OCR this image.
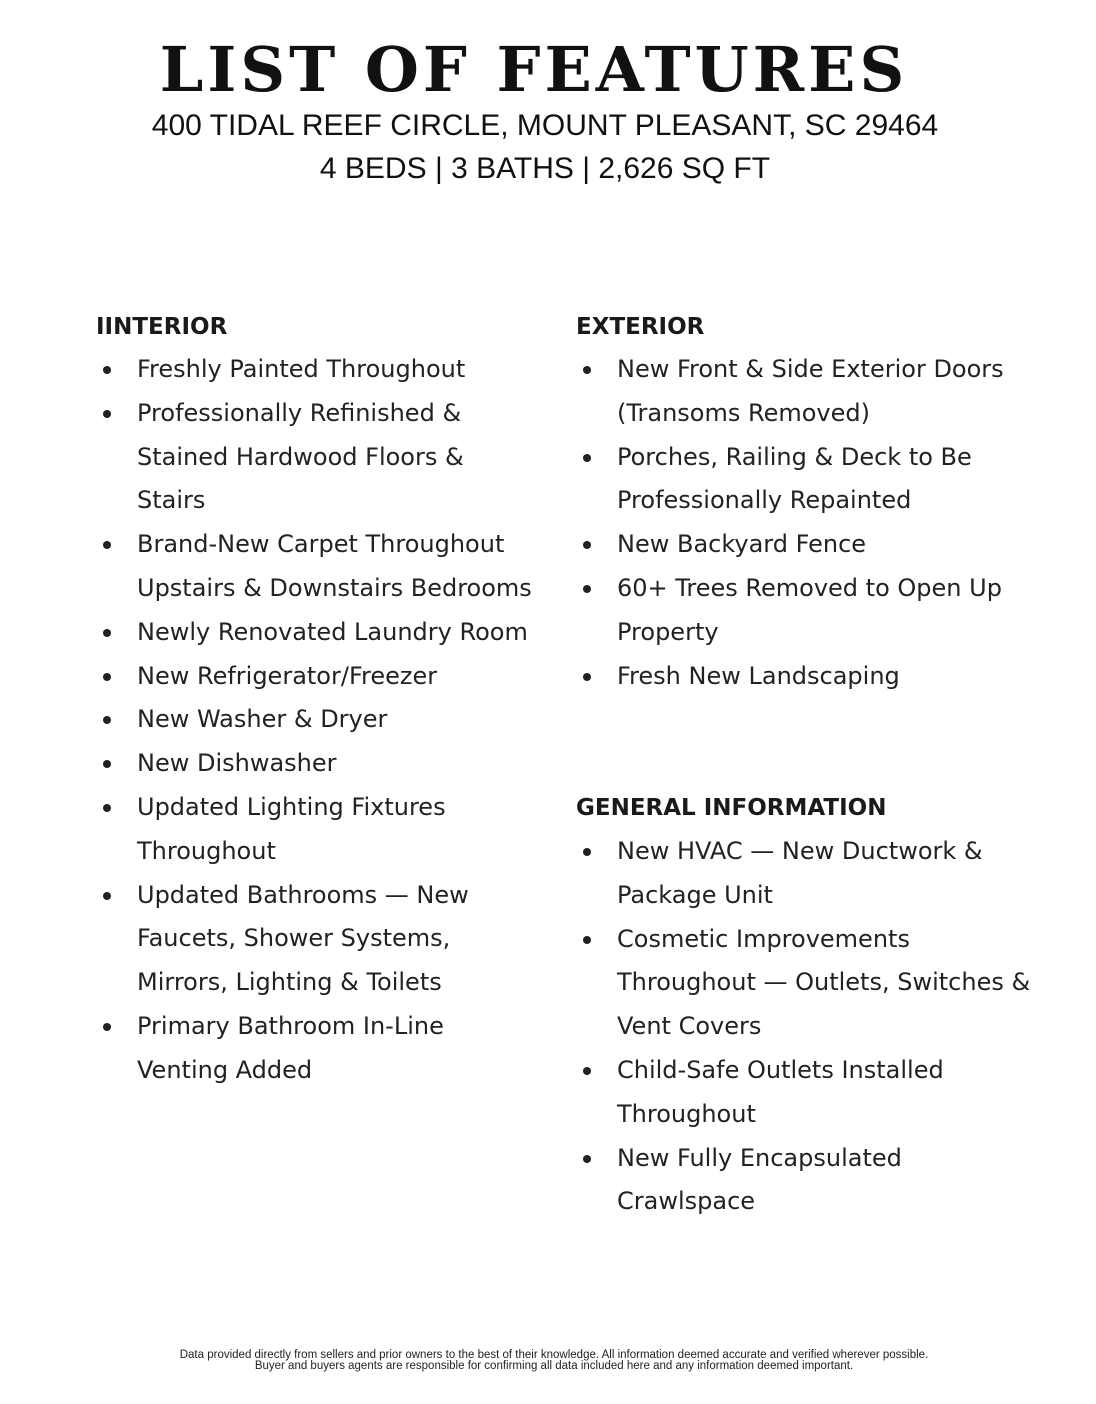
LIST OF FEATURES
400 TIDAL REEF CIRCLE, MOUNT PLEASANT, SC 29464
4 BEDS | 3 BATHS | 2,626 SQ FT
IINTERIOR
Freshly Painted Throughout
Professionally Refinished & Stained Hardwood Floors & Stairs
Brand-New Carpet Throughout Upstairs & Downstairs Bedrooms
Newly Renovated Laundry Room
New Refrigerator/Freezer
New Washer & Dryer
New Dishwasher
Updated Lighting Fixtures Throughout
Updated Bathrooms — New Faucets, Shower Systems, Mirrors, Lighting & Toilets
Primary Bathroom In-Line Venting Added
EXTERIOR
New Front & Side Exterior Doors (Transoms Removed)
Porches, Railing & Deck to Be Professionally Repainted
New Backyard Fence
60+ Trees Removed to Open Up Property
Fresh New Landscaping
GENERAL INFORMATION
New HVAC — New Ductwork & Package Unit
Cosmetic Improvements Throughout — Outlets, Switches & Vent Covers
Child-Safe Outlets Installed Throughout
New Fully Encapsulated Crawlspace
Data provided directly from sellers and prior owners to the best of their knowledge. All information deemed accurate and verified wherever possible.
Buyer and buyers agents are responsible for confirming all data included here and any information deemed important.
